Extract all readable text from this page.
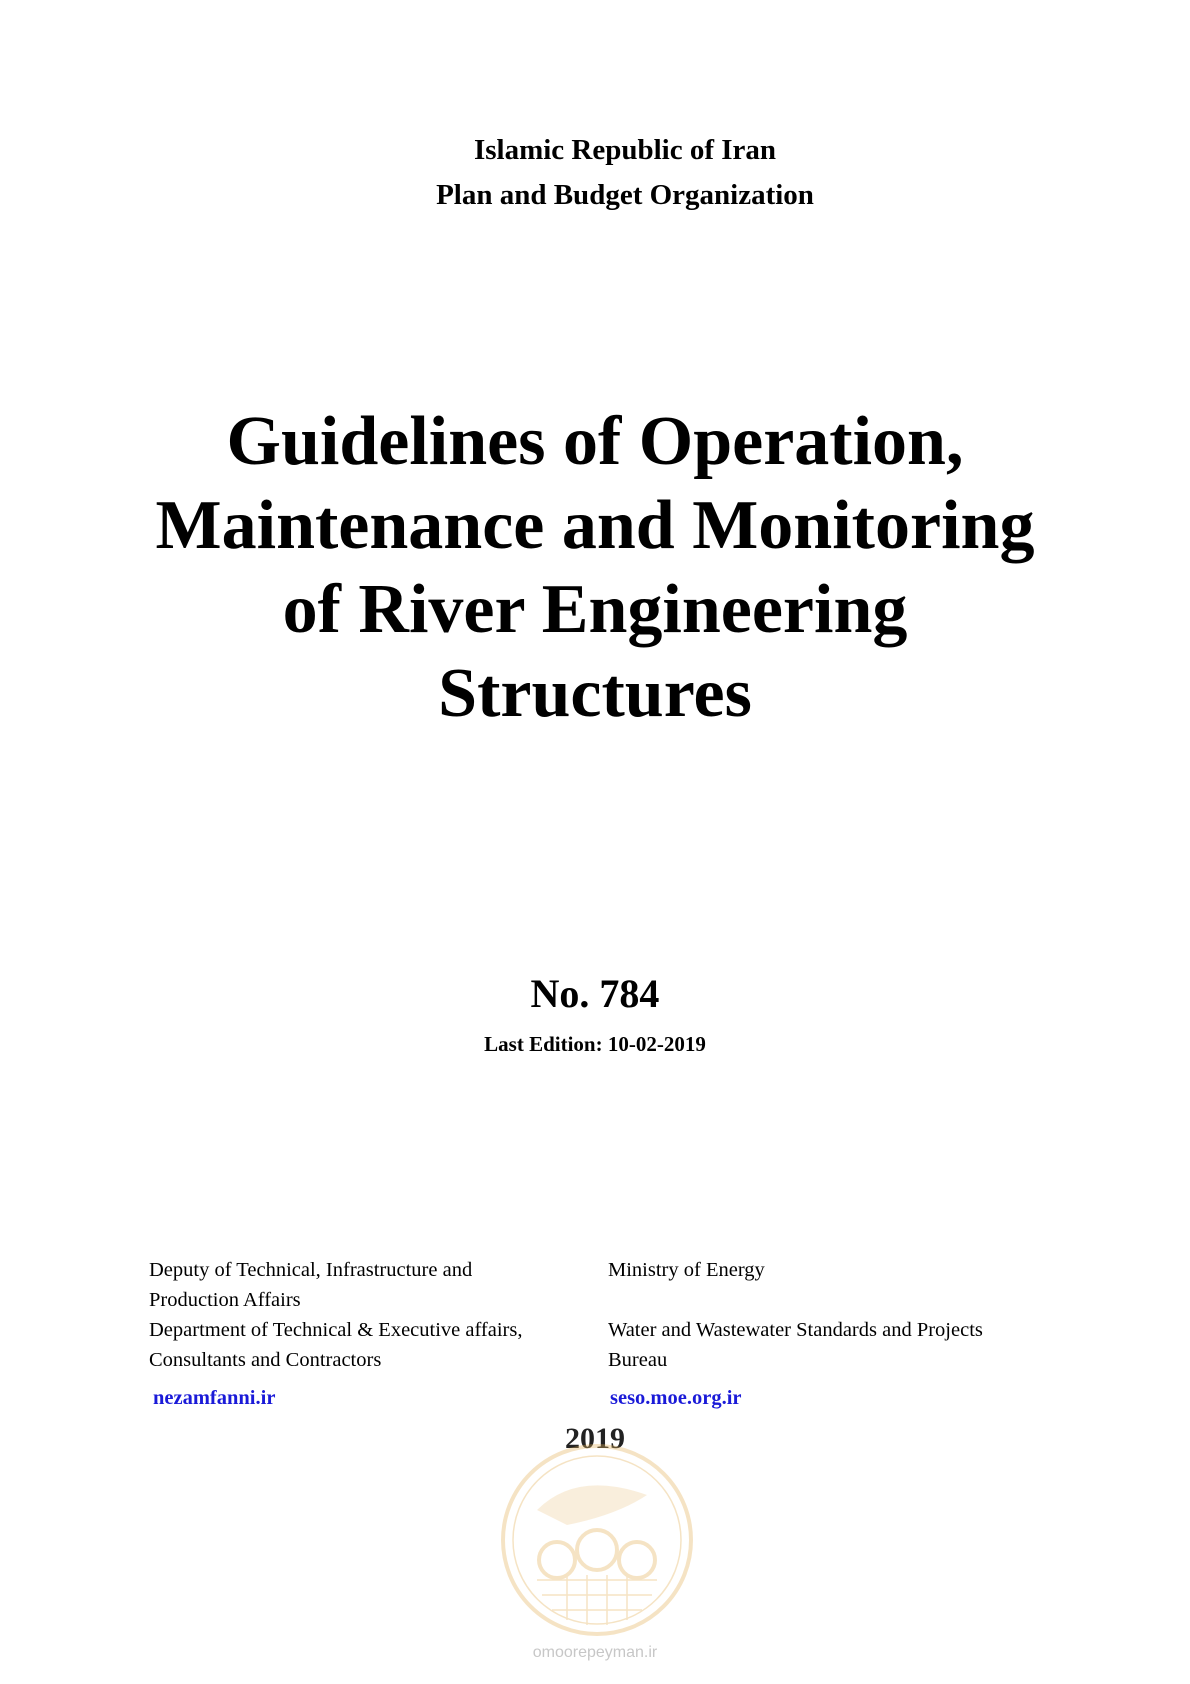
Islamic Republic of Iran
Plan and Budget Organization
Guidelines of Operation,
Maintenance and Monitoring
of River Engineering
Structures
No. 784
Last Edition: 10-02-2019
Deputy of Technical, Infrastructure and
Production Affairs
Department of Technical & Executive affairs,
Consultants and Contractors
nezamfanni.ir
Ministry of Energy
Water and Wastewater Standards and Projects
Bureau
seso.moe.org.ir
2019
omoorepeyman.ir
